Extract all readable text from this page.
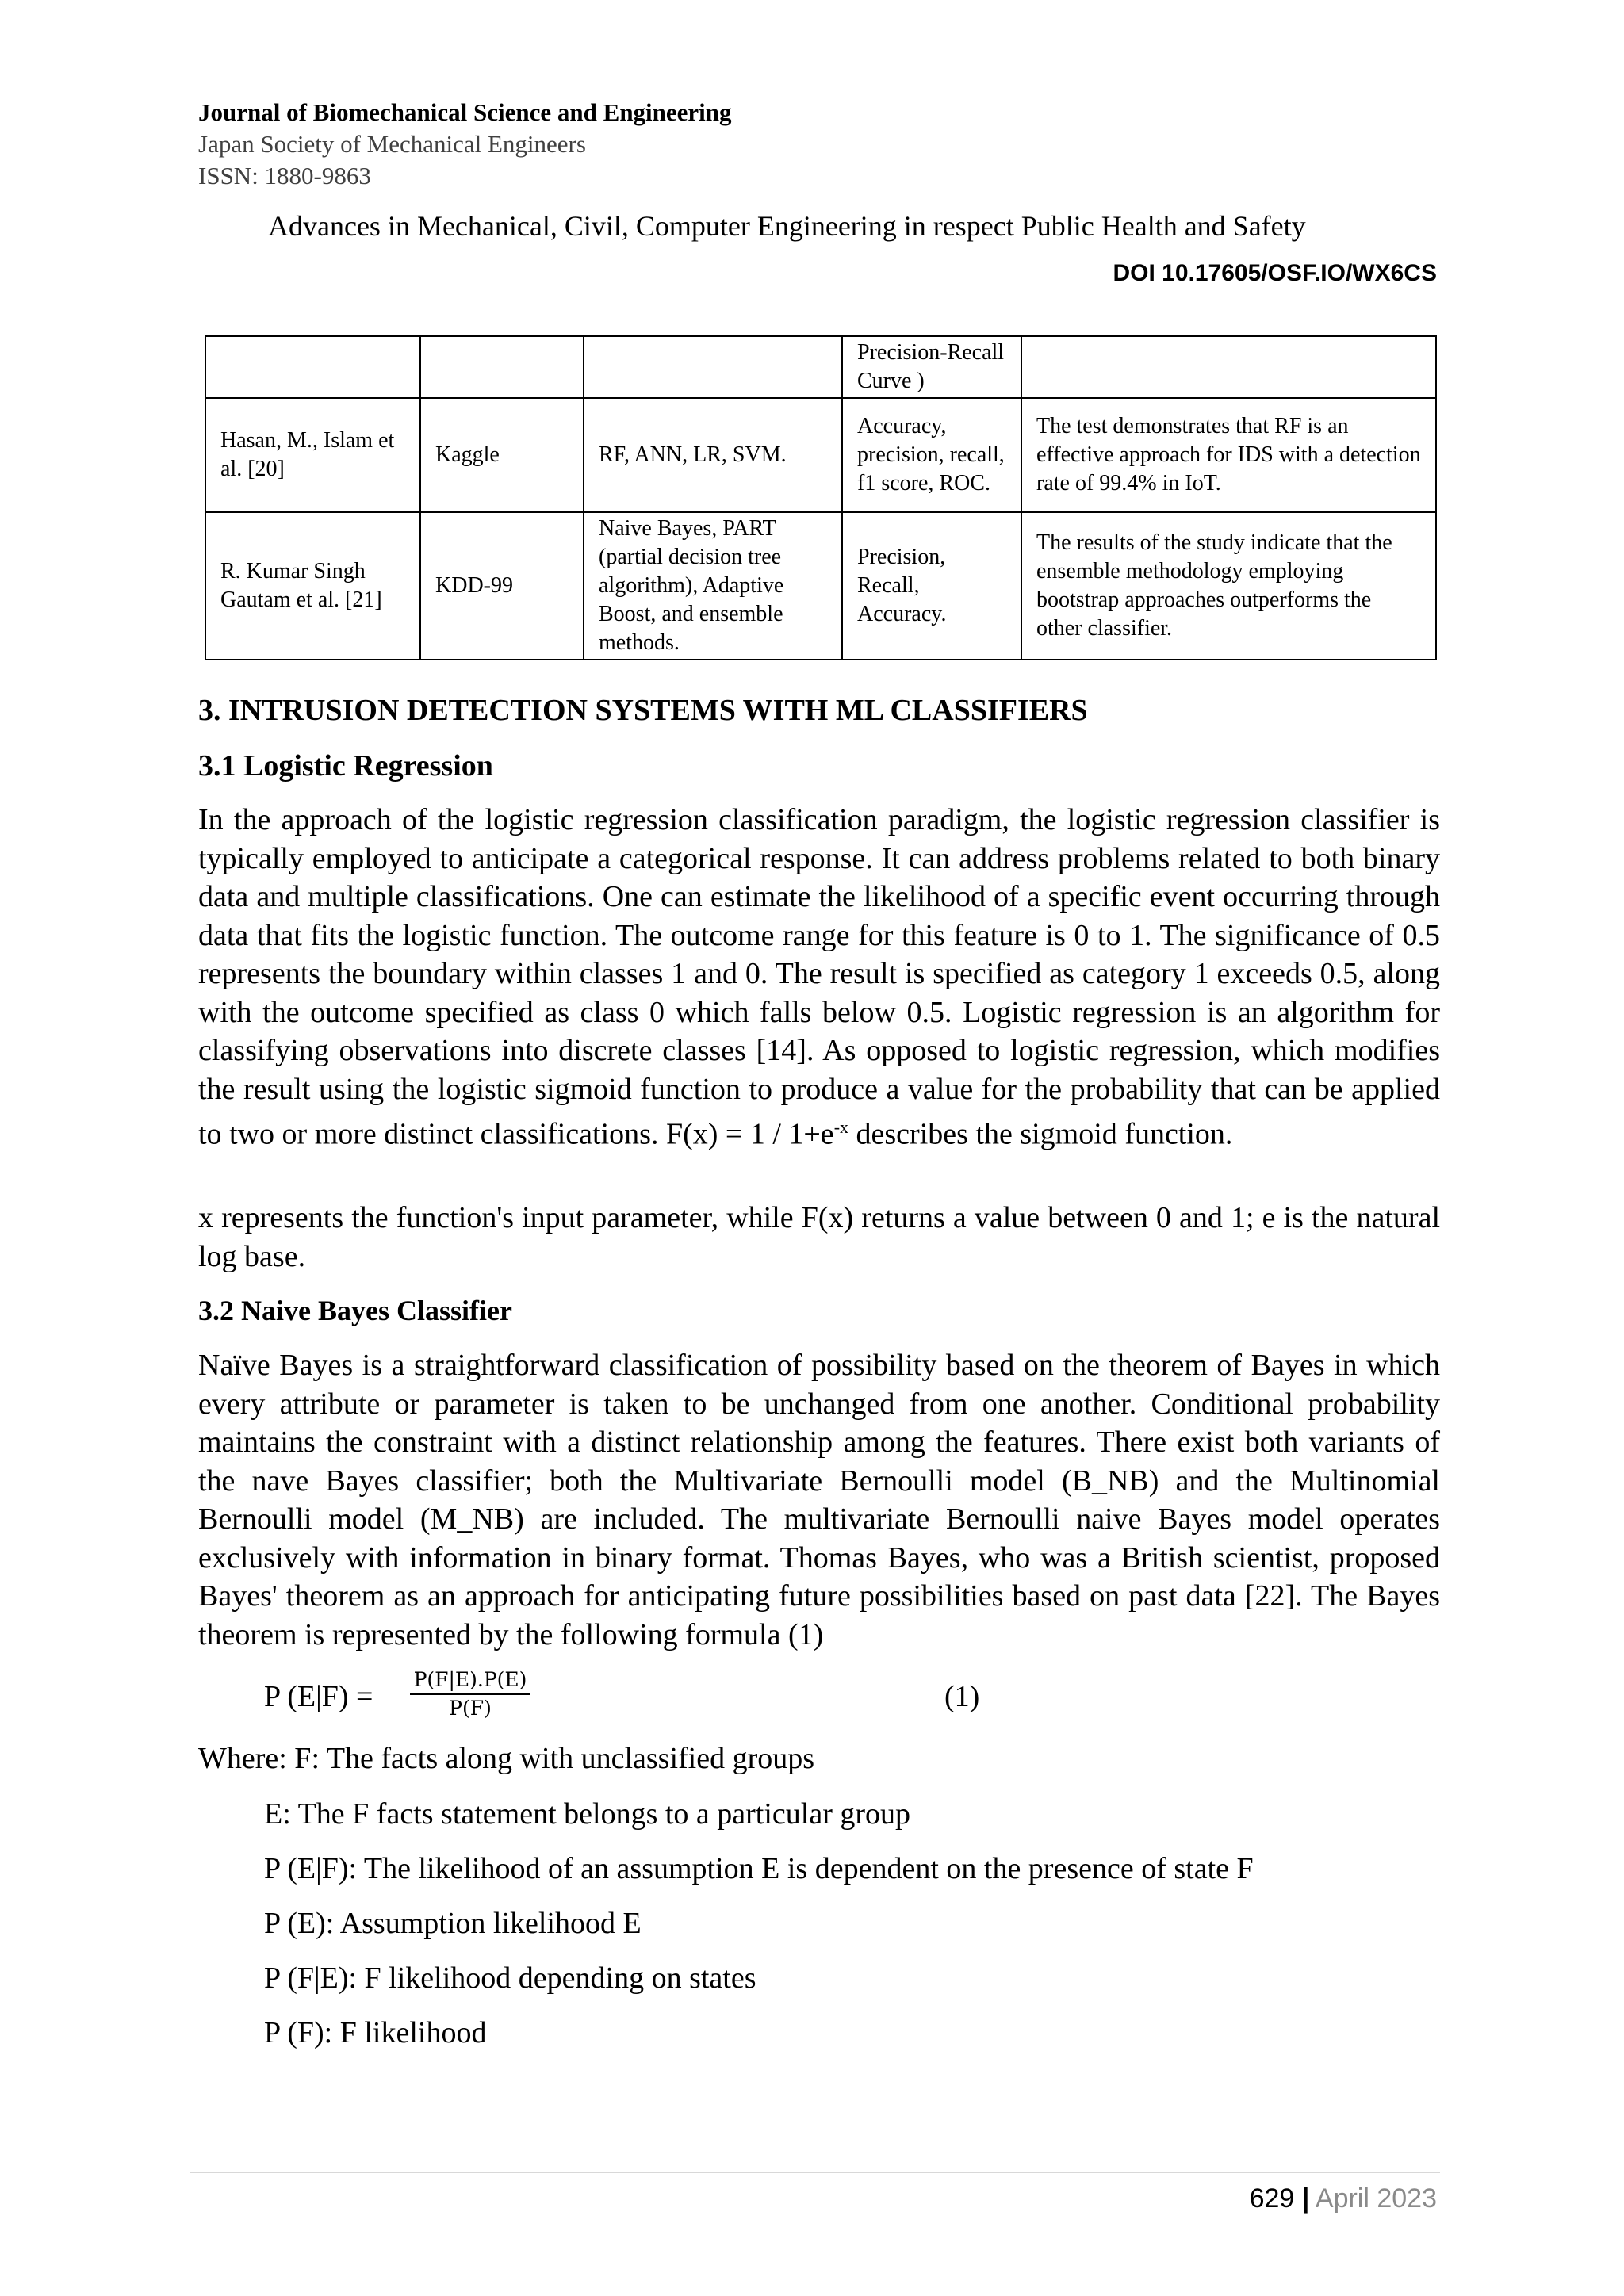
Journal of Biomechanical Science and Engineering
Japan Society of Mechanical Engineers
ISSN: 1880-9863
Advances in Mechanical, Civil, Computer Engineering in respect Public Health and Safety
DOI 10.17605/OSF.IO/WX6CS
			Precision-Recall Curve )	
Hasan, M., Islam et al. [20]	Kaggle	RF, ANN, LR, SVM.	Accuracy, precision, recall, f1 score, ROC.	The test demonstrates that RF is an effective approach for IDS with a detection rate of 99.4% in IoT.
R. Kumar Singh Gautam et al. [21]	KDD-99	Naive Bayes, PART (partial decision tree algorithm), Adaptive Boost, and ensemble methods.	Precision, Recall, Accuracy.	The results of the study indicate that the ensemble methodology employing bootstrap approaches outperforms the other classifier.
3. INTRUSION DETECTION SYSTEMS WITH ML CLASSIFIERS
3.1 Logistic Regression
In the approach of the logistic regression classification paradigm, the logistic regression classifier is typically employed to anticipate a categorical response. It can address problems related to both binary data and multiple classifications. One can estimate the likelihood of a specific event occurring through data that fits the logistic function. The outcome range for this feature is 0 to 1. The significance of 0.5 represents the boundary within classes 1 and 0. The result is specified as category 1 exceeds 0.5, along with the outcome specified as class 0 which falls below 0.5. Logistic regression is an algorithm for classifying observations into discrete classes [14]. As opposed to logistic regression, which modifies the result using the logistic sigmoid function to produce a value for the probability that can be applied to two or more distinct classifications. $F(x) = 1 / 1+e^{-x}$ describes the sigmoid function.
x represents the function's input parameter, while F(x) returns a value between 0 and 1; e is the natural log base.
3.2 Naive Bayes Classifier
Naïve Bayes is a straightforward classification of possibility based on the theorem of Bayes in which every attribute or parameter is taken to be unchanged from one another. Conditional probability maintains the constraint with a distinct relationship among the features. There exist both variants of the nave Bayes classifier; both the Multivariate Bernoulli model (B_NB) and the Multinomial Bernoulli model (M_NB) are included. The multivariate Bernoulli naive Bayes model operates exclusively with information in binary format. Thomas Bayes, who was a British scientist, proposed Bayes' theorem as an approach for anticipating future possibilities based on past data [22]. The Bayes theorem is represented by the following formula (1)
P (E|F) =
P(F|E).P(E)
P(F)	(1)
Where: F: The facts along with unclassified groups
E: The F facts statement belongs to a particular group
P (E|F): The likelihood of an assumption E is dependent on the presence of state F
P (E): Assumption likelihood E
P (F|E): F likelihood depending on states
P (F): F likelihood
629 | April 2023
